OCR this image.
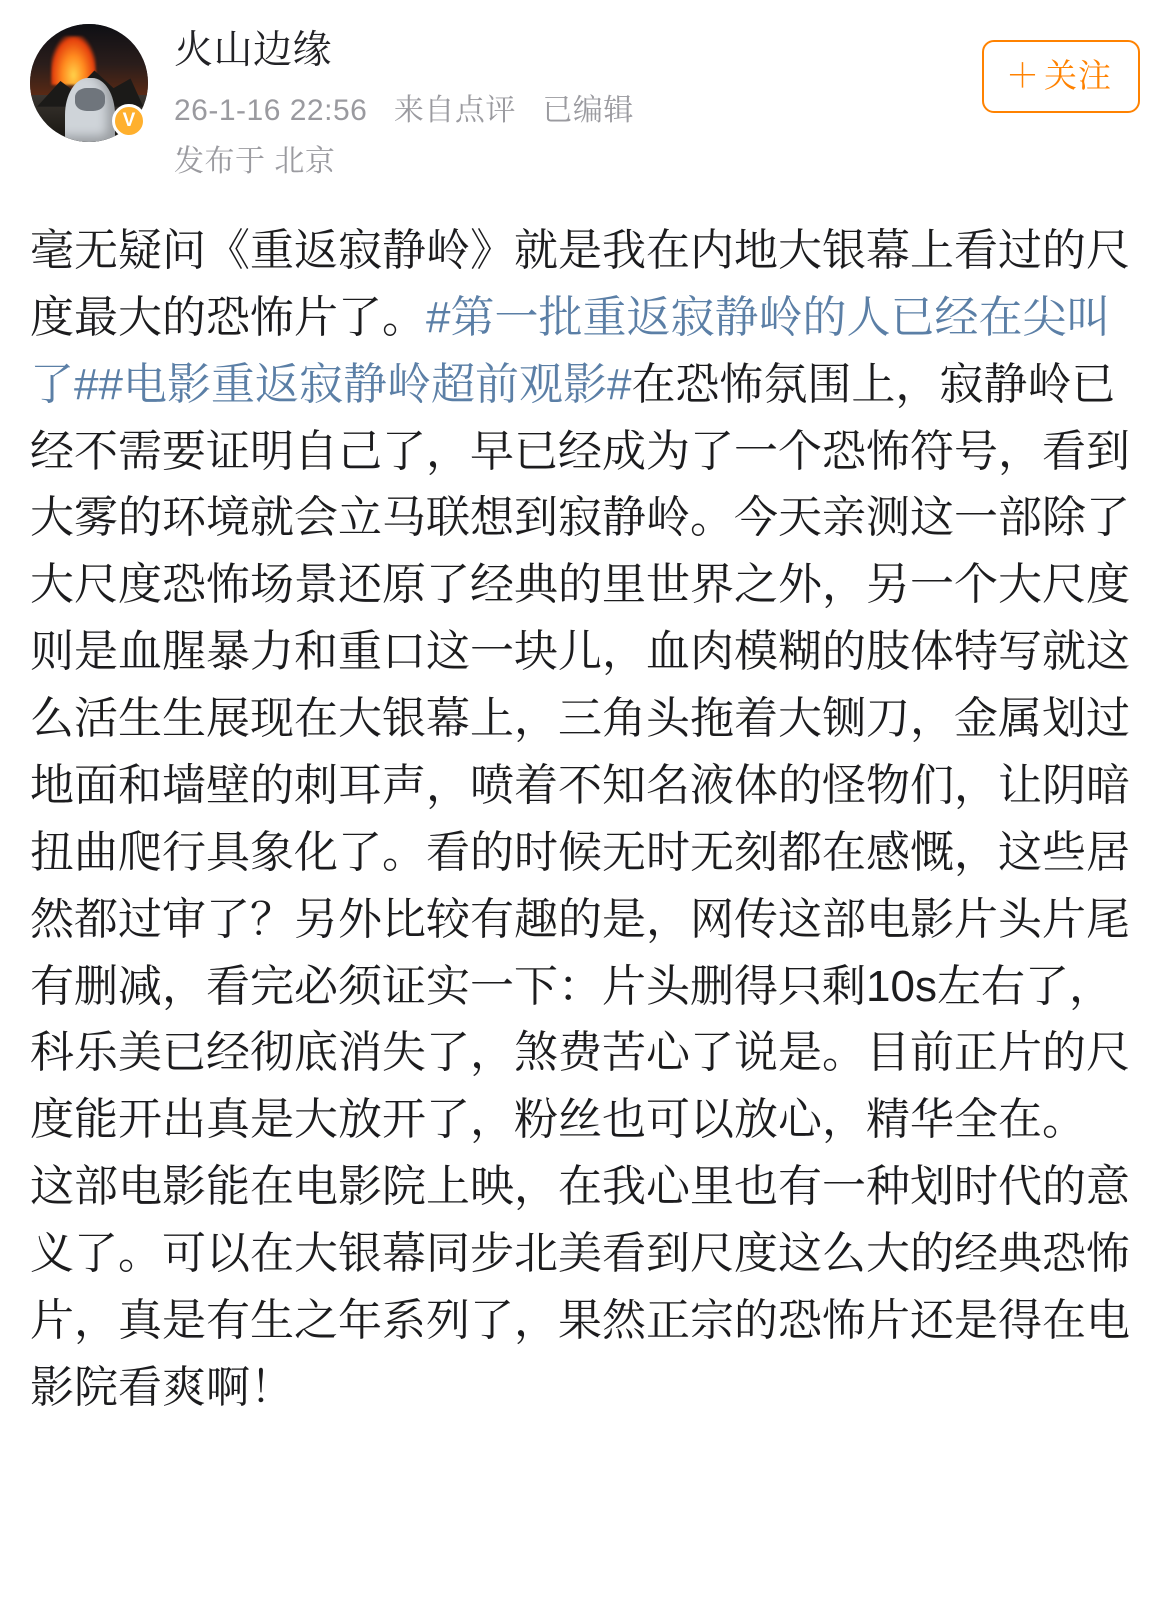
V
火山边缘
26-1-16 22:56 来自点评 已编辑
发布于 北京
＋ 关注

毫无疑问《重返寂静岭》就是我在内地大银幕上看过的尺度最大的恐怖片了。#第一批重返寂静岭的人已经在尖叫了##电影重返寂静岭超前观影#在恐怖氛围上，寂静岭已经不需要证明自己了，早已经成为了一个恐怖符号，看到大雾的环境就会立马联想到寂静岭。今天亲测这一部除了大尺度恐怖场景还原了经典的里世界之外，另一个大尺度则是血腥暴力和重口这一块儿，血肉模糊的肢体特写就这么活生生展现在大银幕上，三角头拖着大铡刀，金属划过地面和墙壁的刺耳声，喷着不知名液体的怪物们，让阴暗扭曲爬行具象化了。看的时候无时无刻都在感慨，这些居然都过审了？另外比较有趣的是，网传这部电影片头片尾有删减，看完必须证实一下：片头删得只剩10s左右了，科乐美已经彻底消失了，煞费苦心了说是。目前正片的尺度能开出真是大放开了，粉丝也可以放心，精华全在。

这部电影能在电影院上映，在我心里也有一种划时代的意义了。可以在大银幕同步北美看到尺度这么大的经典恐怖片，真是有生之年系列了，果然正宗的恐怖片还是得在电影院看爽啊！
